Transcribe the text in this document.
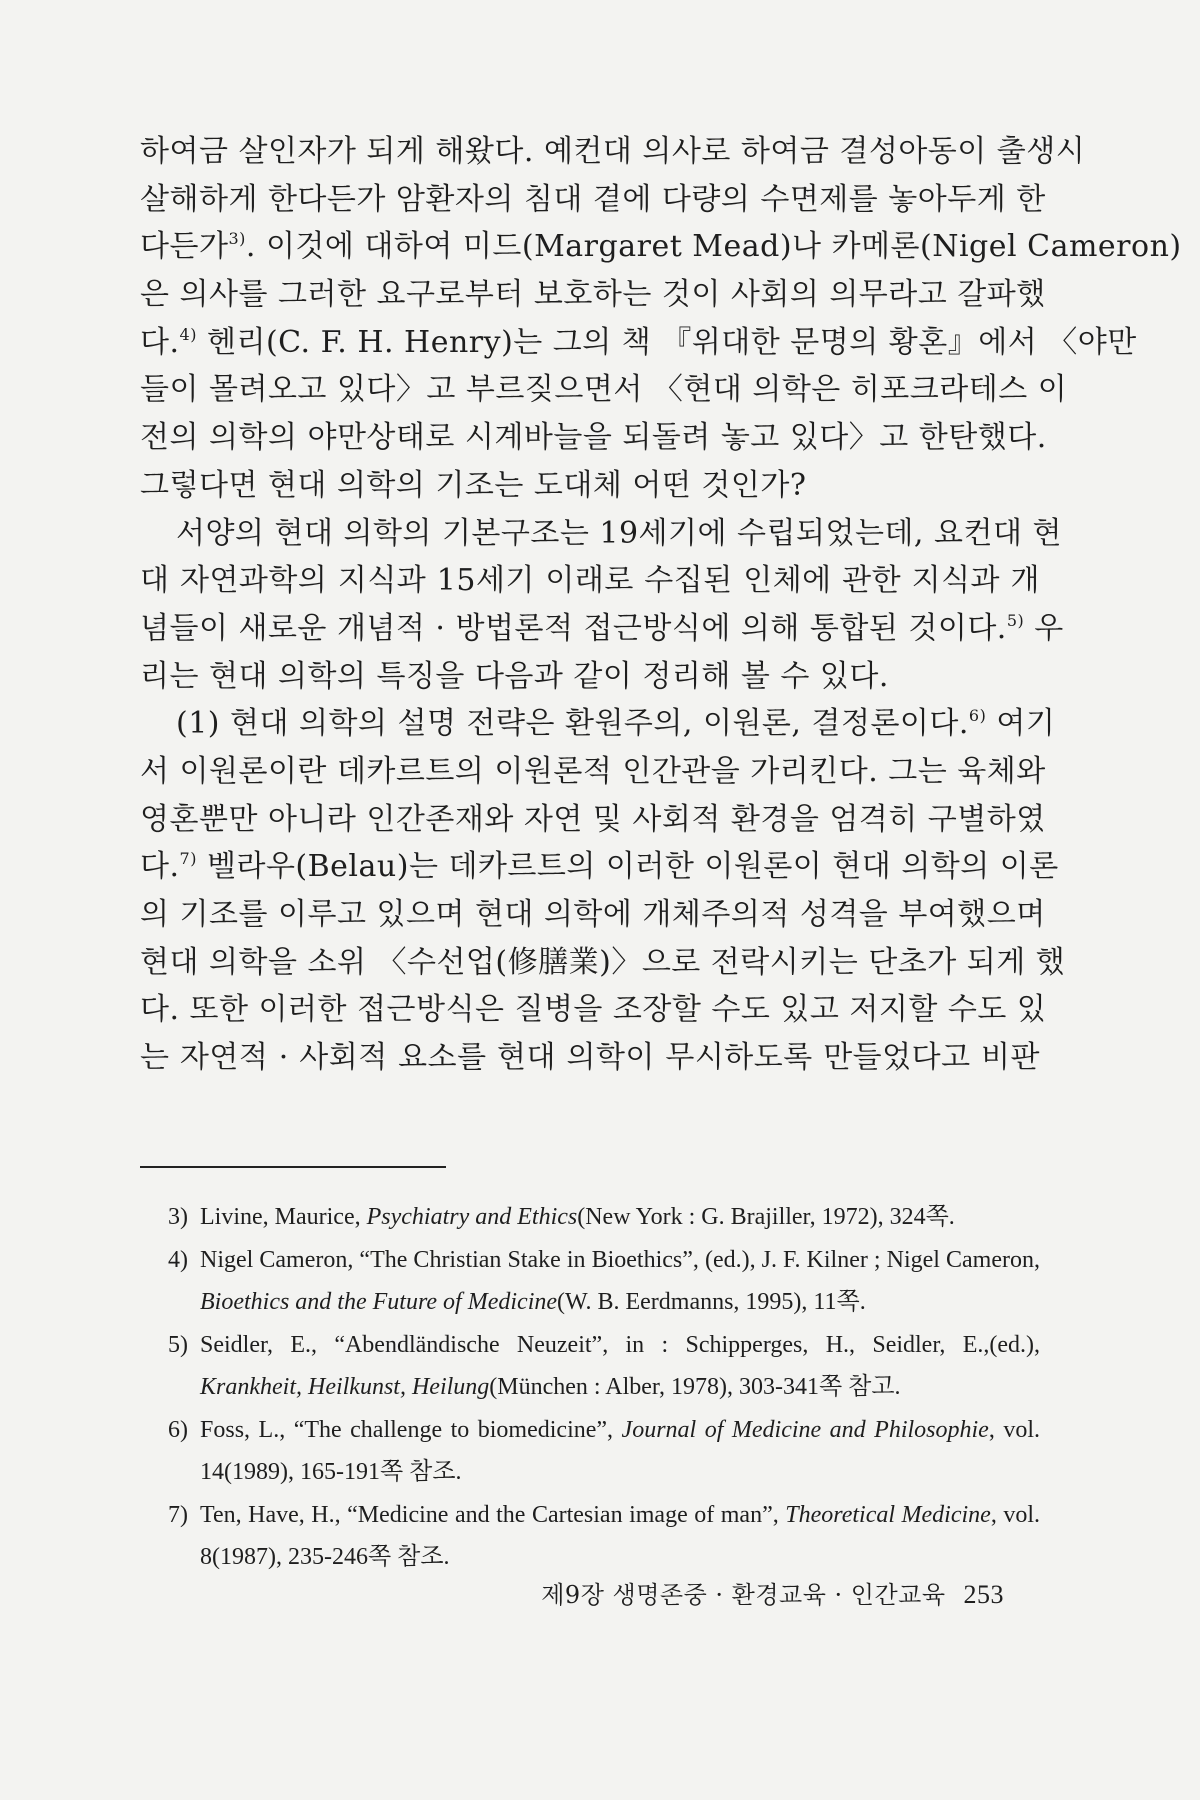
하여금 살인자가 되게 해왔다. 예컨대 의사로 하여금 결성아동이 출생시
살해하게 한다든가 암환자의 침대 곁에 다량의 수면제를 놓아두게 한
다든가$^{3)}$. 이것에 대하여 미드(Margaret Mead)나 카메론(Nigel Cameron)
은 의사를 그러한 요구로부터 보호하는 것이 사회의 의무라고 갈파했
다.$^{4)}$ 헨리(C. F. H. Henry)는 그의 책 『위대한 문명의 황혼』에서 〈야만
들이 몰려오고 있다〉고 부르짖으면서 〈현대 의학은 히포크라테스 이
전의 의학의 야만상태로 시계바늘을 되돌려 놓고 있다〉고 한탄했다.
그렇다면 현대 의학의 기조는 도대체 어떤 것인가?
서양의 현대 의학의 기본구조는 19세기에 수립되었는데, 요컨대 현
대 자연과학의 지식과 15세기 이래로 수집된 인체에 관한 지식과 개
념들이 새로운 개념적 · 방법론적 접근방식에 의해 통합된 것이다.$^{5)}$ 우
리는 현대 의학의 특징을 다음과 같이 정리해 볼 수 있다.
(1) 현대 의학의 설명 전략은 환원주의, 이원론, 결정론이다.$^{6)}$ 여기
서 이원론이란 데카르트의 이원론적 인간관을 가리킨다. 그는 육체와
영혼뿐만 아니라 인간존재와 자연 및 사회적 환경을 엄격히 구별하였
다.$^{7)}$ 벨라우(Belau)는 데카르트의 이러한 이원론이 현대 의학의 이론
의 기조를 이루고 있으며 현대 의학에 개체주의적 성격을 부여했으며
현대 의학을 소위 〈수선업(修膳業)〉으로 전락시키는 단초가 되게 했
다. 또한 이러한 접근방식은 질병을 조장할 수도 있고 저지할 수도 있
는 자연적 · 사회적 요소를 현대 의학이 무시하도록 만들었다고 비판
3) Livine, Maurice, Psychiatry and Ethics(New York : G. Brajiller, 1972), 324쪽.
4) Nigel Cameron, “The Christian Stake in Bioethics”, (ed.), J. F. Kilner ; Nigel Cameron, Bioethics and the Future of Medicine(W. B. Eerdmanns, 1995), 11쪽.
5) Seidler, E., “Abendländische Neuzeit”, in : Schipperges, H., Seidler, E.,(ed.), Krankheit, Heilkunst, Heilung(München : Alber, 1978), 303-341쪽 참고.
6) Foss, L., “The challenge to biomedicine”, Journal of Medicine and Philosophie, vol. 14(1989), 165-191쪽 참조.
7) Ten, Have, H., “Medicine and the Cartesian image of man”, Theoretical Medicine, vol. 8(1987), 235-246쪽 참조.
제9장 생명존중 · 환경교육 · 인간교육 253
